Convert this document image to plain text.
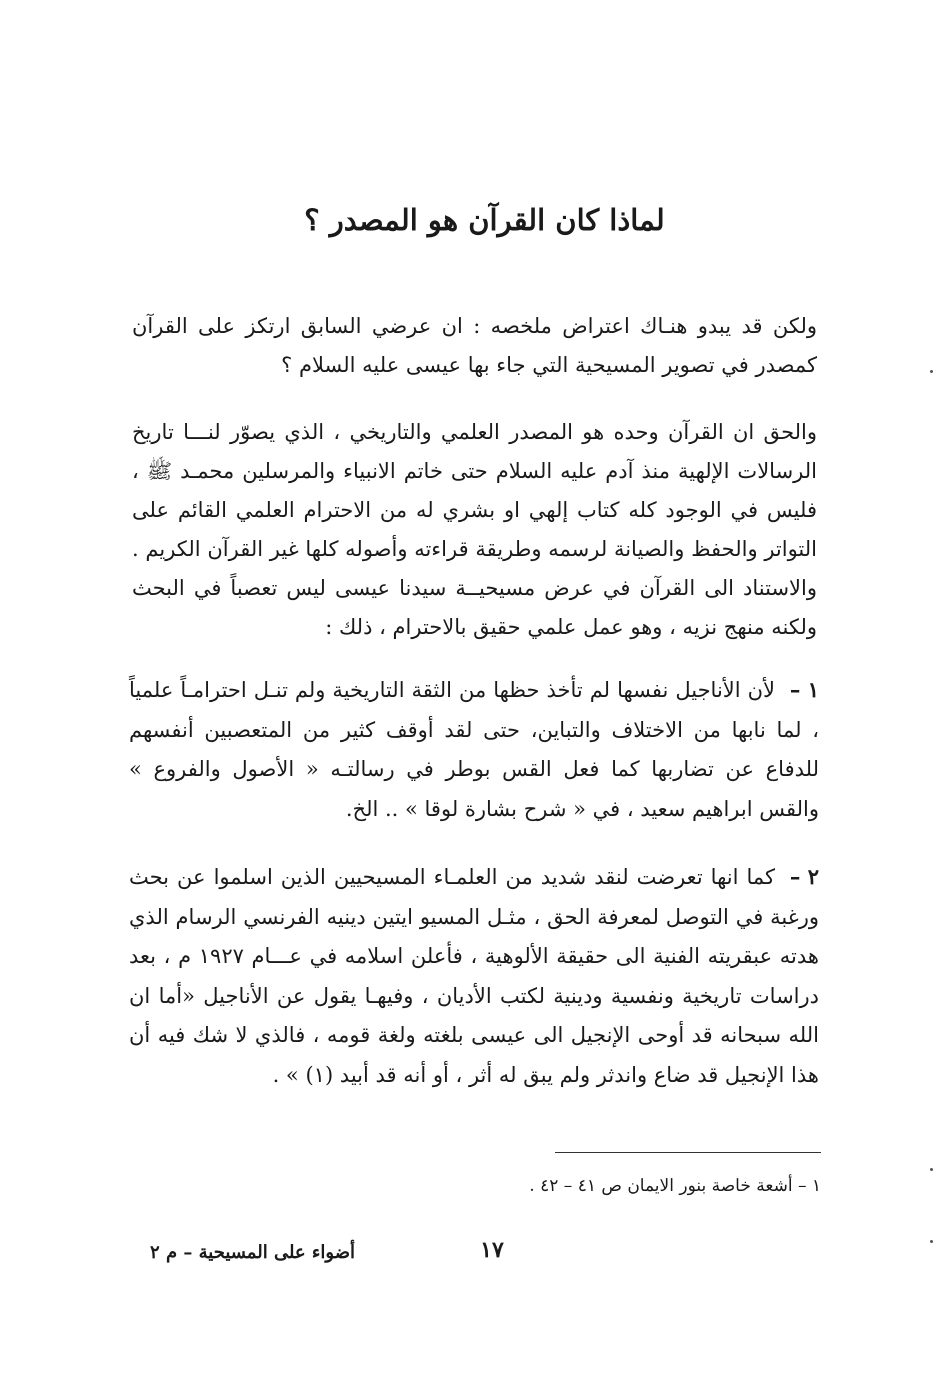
لماذا كان القرآن هو المصدر ؟
ولكن قد يبدو هنـاك اعتراض ملخصه : ان عرضي السابق ارتكز على القرآن كمصدر في تصوير المسيحية التي جاء بها عيسى عليه السلام ؟
والحق ان القرآن وحده هو المصدر العلمي والتاريخي ، الذي يصوّر لنـــا تاريخ الرسالات الإلهية منذ آدم عليه السلام حتى خاتم الانبياء والمرسلين محمـد ﷺ ، فليس في الوجود كله كتاب إلهي او بشري له من الاحترام العلمي القائم على التواتر والحفظ والصيانة لرسمه وطريقة قراءته وأصوله كلها غير القرآن الكريم . والاستناد الى القرآن في عرض مسيحيــة سيدنا عيسى ليس تعصباً في البحث ولكنه منهج نزيه ، وهو عمل علمي حقيق بالاحترام ، ذلك :
١ –لأن الأناجيل نفسها لم تأخذ حظها من الثقة التاريخية ولم تنـل احترامـاً علمياً ، لما نابها من الاختلاف والتباين، حتى لقد أوقف كثير من المتعصبين أنفسهم للدفاع عن تضاربها كما فعل القس بوطر في رسالتـه « الأصول والفروع » والقس ابراهيم سعيد ، في « شرح بشارة لوقا » .. الخ.
٢ –كما انها تعرضت لنقد شديد من العلمـاء المسيحيين الذين اسلموا عن بحث ورغبة في التوصل لمعرفة الحق ، مثـل المسيو ايتين دينيه الفرنسي الرسام الذي هدته عبقريته الفنية الى حقيقة الألوهية ، فأعلن اسلامه في عـــام ١٩٢٧ م ، بعد دراسات تاريخية ونفسية ودينية لكتب الأديان ، وفيهـا يقول عن الأناجيل «أما ان الله سبحانه قد أوحى الإنجيل الى عيسى بلغته ولغة قومه ، فالذي لا شك فيه أن هذا الإنجيل قد ضاع واندثر ولم يبق له أثر ، أو أنه قد أبيد (١) » .
١ – أشعة خاصة بنور الايمان ص ٤١ – ٤٢ .
١٧
أضواء على المسيحية – م ٢
